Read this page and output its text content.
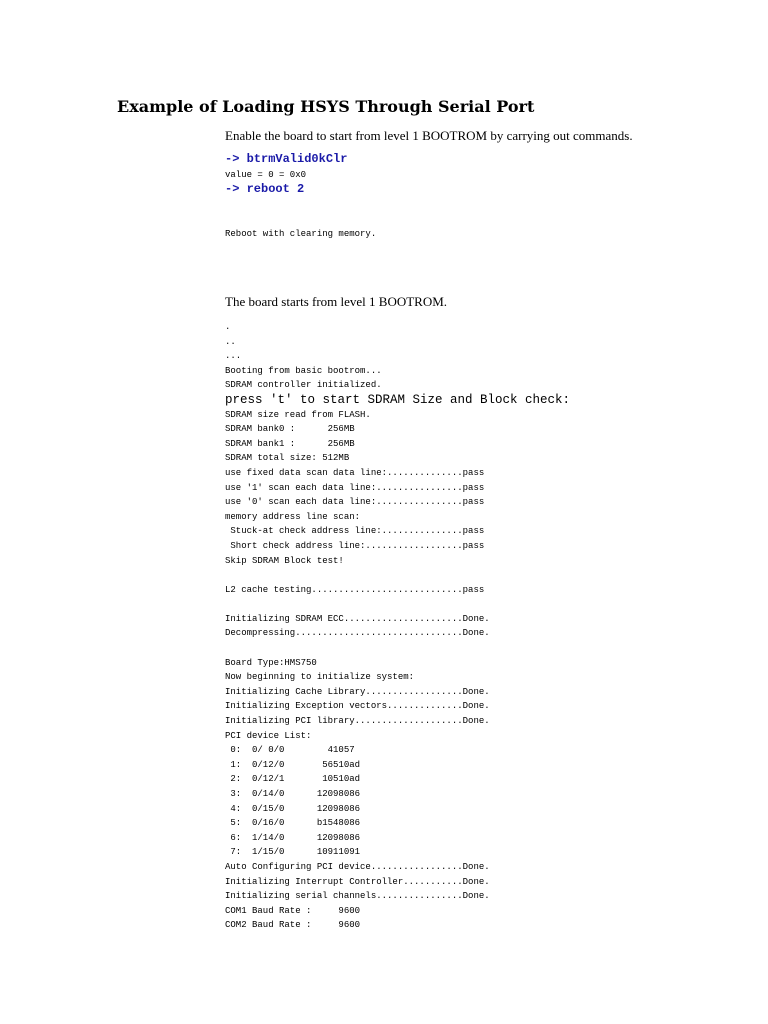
Example of Loading HSYS Through Serial Port
Enable the board to start from level 1 BOOTROM by carrying out commands.
-> btrmValid0kClr
value = 0 = 0x0
-> reboot 2
Reboot with clearing memory.
The board starts from level 1 BOOTROM.
.
..
...
Booting from basic bootrom...
SDRAM controller initialized.
press 't' to start SDRAM Size and Block check:
SDRAM size read from FLASH.
SDRAM bank0 :      256MB
SDRAM bank1 :      256MB
SDRAM total size: 512MB
use fixed data scan data line:..............pass
use '1' scan each data line:................pass
use '0' scan each data line:................pass
memory address line scan:
Stuck-at check address line:...............pass
Short check address line:..................pass
Skip SDRAM Block test!
L2 cache testing............................pass
Initializing SDRAM ECC......................Done.
Decompressing...............................Done.
Board Type:HMS750
Now beginning to initialize system:
Initializing Cache Library..................Done.
Initializing Exception vectors..............Done.
Initializing PCI library....................Done.
PCI device List:
0:  0/ 0/0        41057
1:  0/12/0       56510ad
2:  0/12/1       10510ad
3:  0/14/0      12098086
4:  0/15/0      12098086
5:  0/16/0      b1548086
6:  1/14/0      12098086
7:  1/15/0      10911091
Auto Configuring PCI device.................Done.
Initializing Interrupt Controller...........Done.
Initializing serial channels................Done.
COM1 Baud Rate :     9600
COM2 Baud Rate :     9600
